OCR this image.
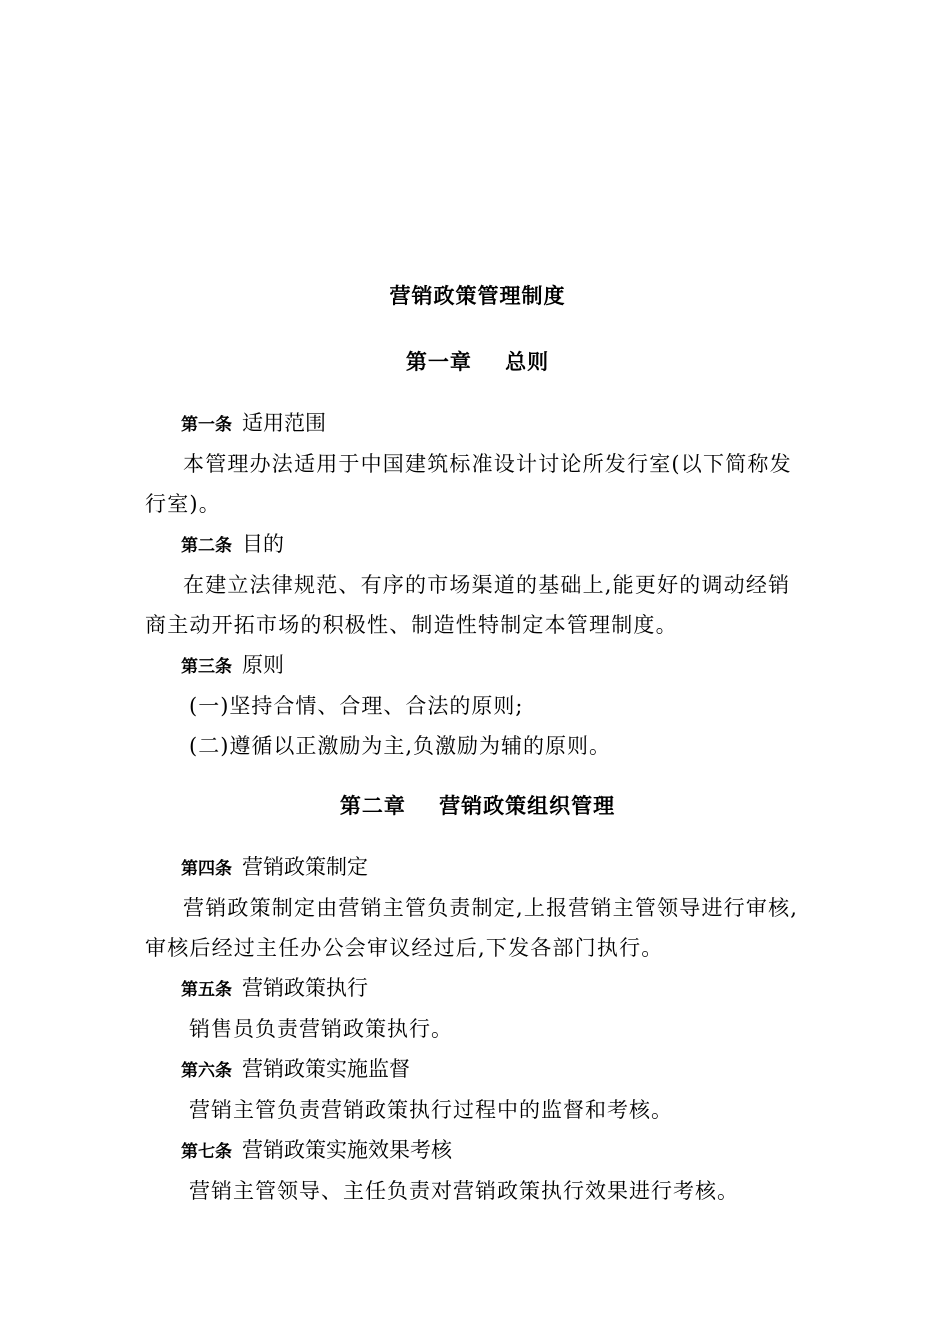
营销政策管理制度
第一章    总则
第一条 适用范围
本管理办法适用于中国建筑标准设计讨论所发行室(以下简称发行室)。
第二条 目的
在建立法律规范、有序的市场渠道的基础上,能更好的调动经销商主动开拓市场的积极性、制造性特制定本管理制度。
第三条 原则
(一)坚持合情、合理、合法的原则;
(二)遵循以正激励为主,负激励为辅的原则。
第二章    营销政策组织管理
第四条 营销政策制定
营销政策制定由营销主管负责制定,上报营销主管领导进行审核,审核后经过主任办公会审议经过后,下发各部门执行。
第五条 营销政策执行
销售员负责营销政策执行。
第六条 营销政策实施监督
营销主管负责营销政策执行过程中的监督和考核。
第七条 营销政策实施效果考核
营销主管领导、主任负责对营销政策执行效果进行考核。
